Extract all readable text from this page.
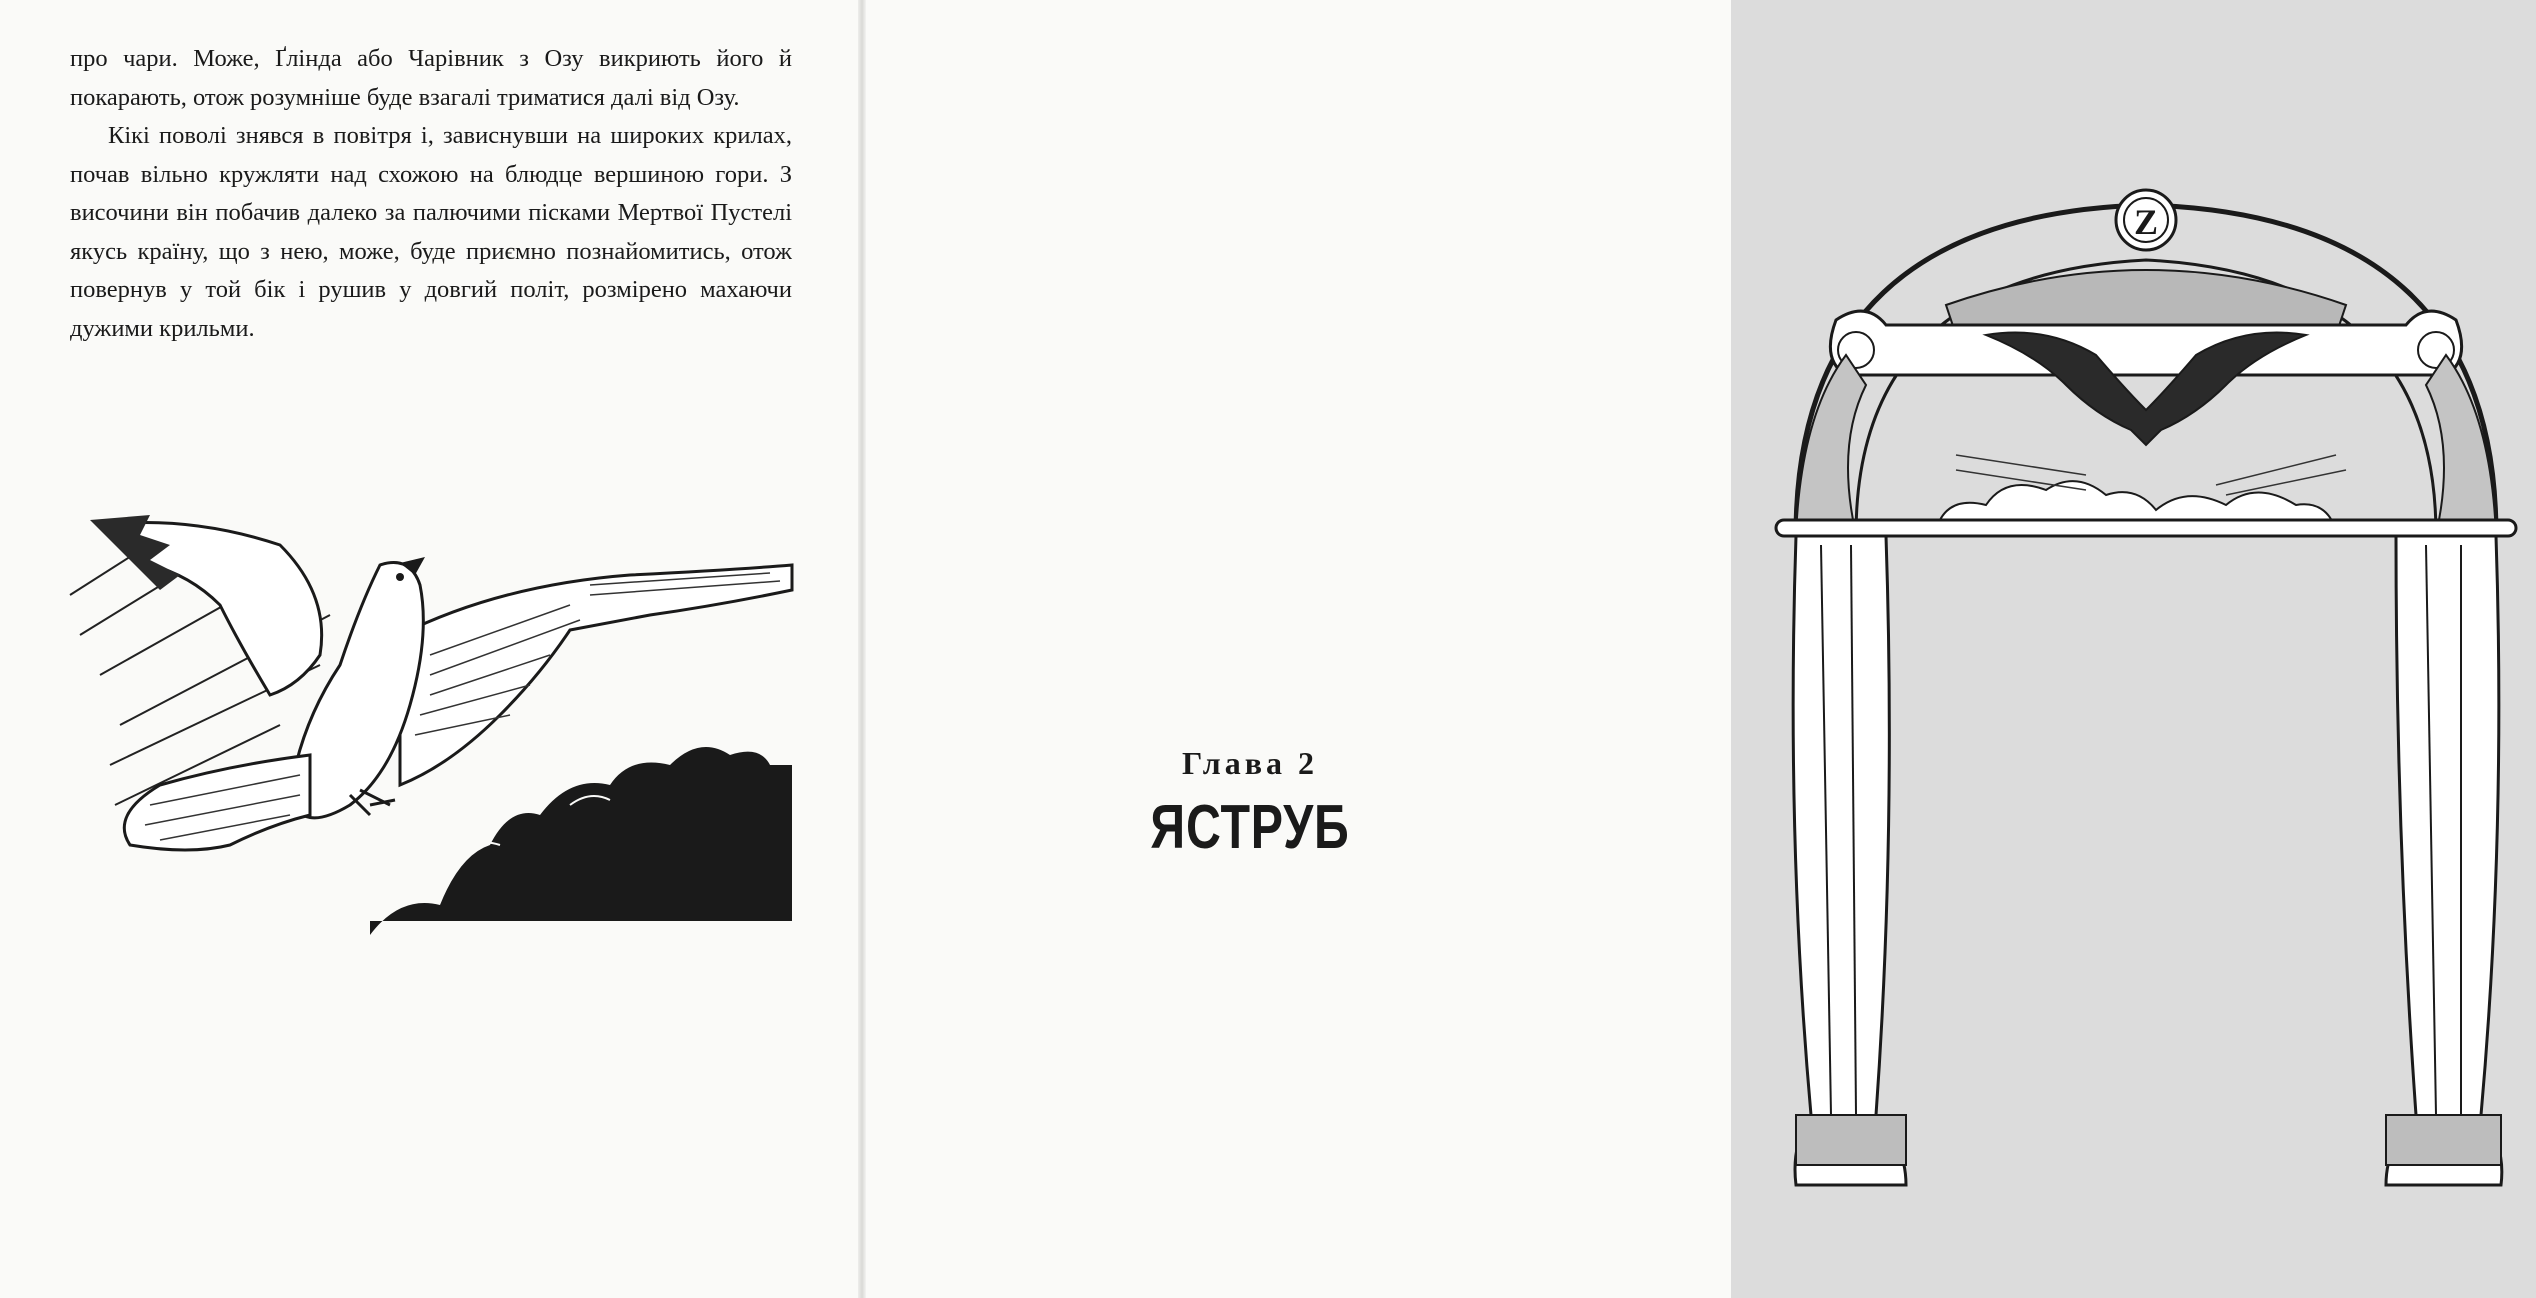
про чари. Може, Ґлінда або Чарівник з Озу викриють його й покарають, отож розумніше буде взагалі триматися далі від Озу.

Кікі поволі знявся в повітря і, зависнувши на широких крилах, почав вільно кружляти над схожою на блюдце вершиною гори. З височини він побачив далеко за палючими пісками Мертвої Пустелі якусь країну, що з нею, може, буде приємно познайомитись, отож повернув у той бік і рушив у довгий політ, розмірено махаючи дужими крильми.

Z
Глава 2
ЯСТРУБ
